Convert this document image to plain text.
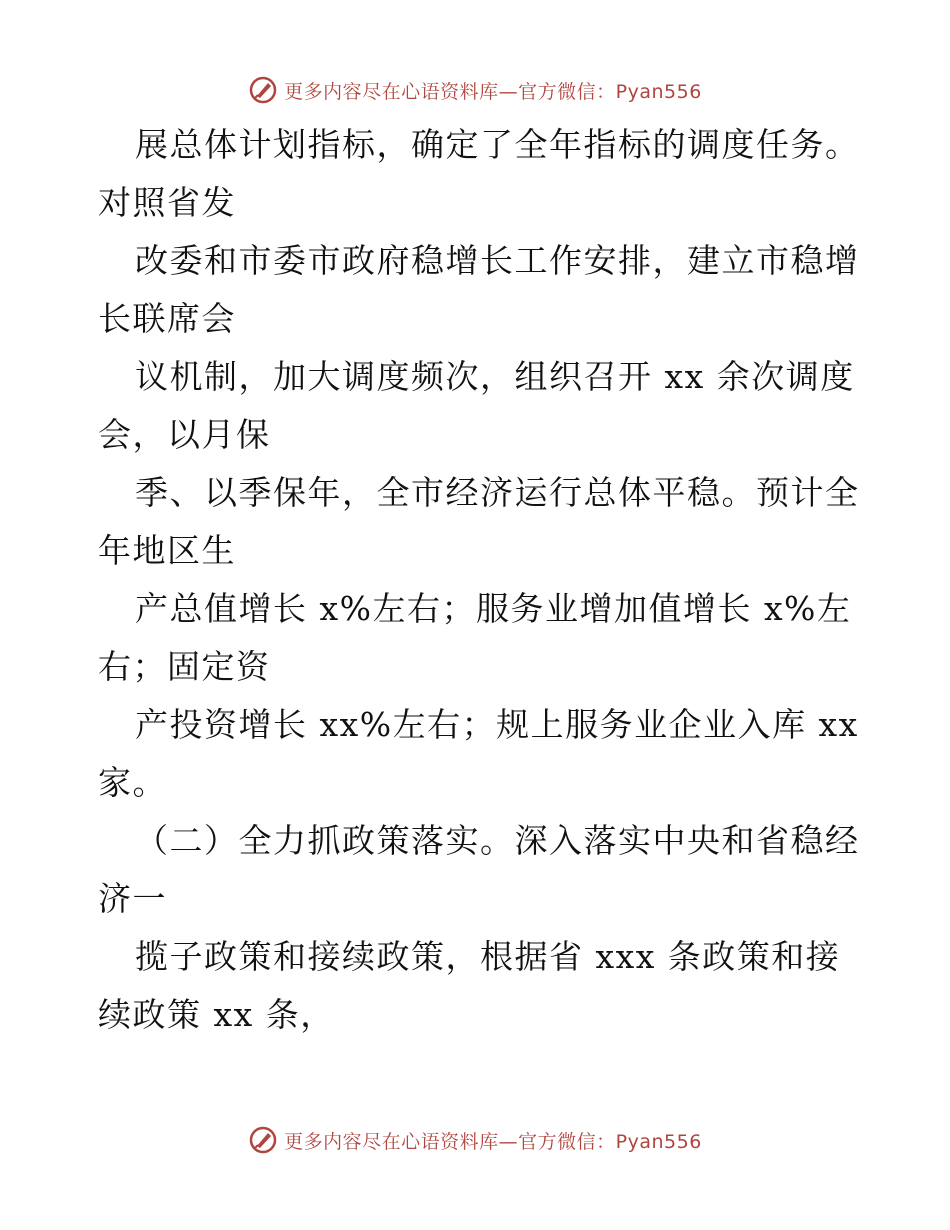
更多内容尽在心语资料库—官方微信：Pyan556
展总体计划指标，确定了全年指标的调度任务。
对照省发
改委和市委市政府稳增长工作安排，建立市稳增
长联席会
议机制，加大调度频次，组织召开 xx 余次调度
会，以月保
季、以季保年，全市经济运行总体平稳。预计全
年地区生
产总值增长 x%左右；服务业增加值增长 x%左
右；固定资
产投资增长 xx%左右；规上服务业企业入库 xx
家。
（二）全力抓政策落实。深入落实中央和省稳经
济一
揽子政策和接续政策，根据省 xxx 条政策和接
续政策 xx 条，
更多内容尽在心语资料库—官方微信：Pyan556
